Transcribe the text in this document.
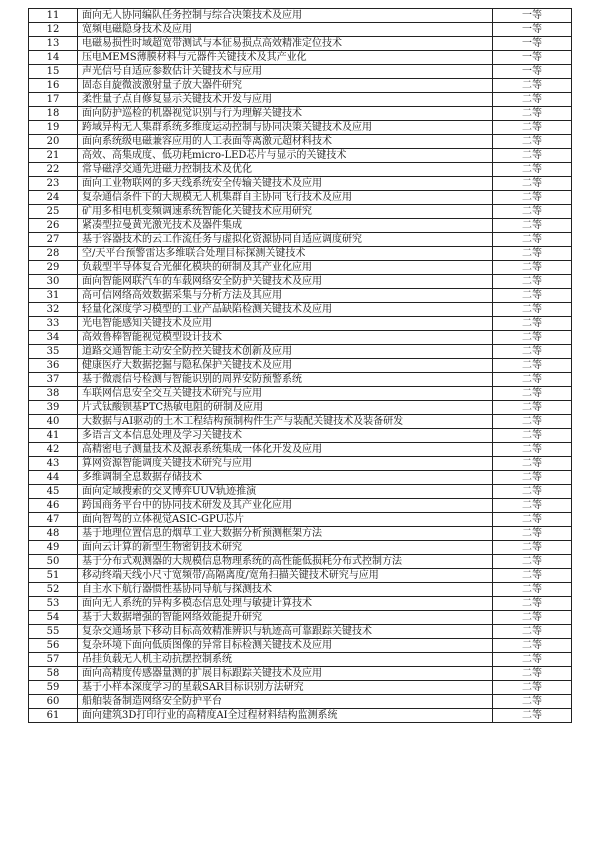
11	面向无人协同编队任务控制与综合决策技术及应用	一等
12	宽频电磁隐身技术及应用	一等
13	电磁易损性时域超宽带测试与本征易损点高效精准定位技术	一等
14	压电MEMS薄膜材料与元器件关键技术及其产业化	一等
15	声光信号自适应参数估计关键技术与应用	一等
16	固态自旋微波激射量子放大器件研究	二等
17	柔性量子点自修复显示关键技术开发与应用	二等
18	面向防护巡检的机器视觉识别与行为理解关键技术	二等
19	跨域异构无人集群系统多维度运动控制与协同决策关键技术及应用	二等
20	面向系统级电磁兼容应用的人工表面等离激元超材料技术	二等
21	高效、高集成度、低功耗micro-LED芯片与显示的关键技术	二等
22	常导磁浮交通先进磁力控制技术及优化	二等
23	面向工业物联网的多天线系统安全传输关键技术及应用	二等
24	复杂通信条件下的大规模无人机集群自主协同飞行技术及应用	二等
25	矿用多相电机变频调速系统智能化关键技术应用研究	二等
26	紧凑型拉曼黄光激光技术及器件集成	二等
27	基于容器技术的云工作流任务与虚拟化资源协同自适应调度研究	二等
28	空/天平台预警雷达多维联合处理目标探测关键技术	二等
29	负载型半导体复合光催化模块的研制及其产业化应用	二等
30	面向智能网联汽车的车载网络安全防护关键技术及应用	二等
31	高可信网络高效数据采集与分析方法及其应用	二等
32	轻量化深度学习模型的工业产品缺陷检测关键技术及应用	二等
33	光电智能感知关键技术及应用	二等
34	高效鲁棒智能视觉模型设计技术	二等
35	道路交通智能主动安全防控关键技术创新及应用	二等
36	健康医疗大数据挖掘与隐私保护关键技术及应用	二等
37	基于微震信号检测与智能识别的周界安防预警系统	二等
38	车联网信息安全交互关键技术研究与应用	二等
39	片式钛酸钡基PTC热敏电阻的研制及应用	二等
40	大数据与AI驱动的土木工程结构预制构件生产与装配关键技术及装备研发	二等
41	多语言文本信息处理及学习关键技术	二等
42	高精密电子测量技术及源表系统集成一体化开发及应用	二等
43	算网资源智能调度关键技术研究与应用	二等
44	多维调制全息数据存储技术	二等
45	面向定域搜索的交叉博弈UUV轨迹推演	二等
46	跨国商务平台中的协同技术研发及其产业化应用	二等
47	面向智驾的立体视觉ASIC-GPU芯片	二等
48	基于地理位置信息的烟草工业大数据分析预测框架方法	二等
49	面向云计算的新型生物密钥技术研究	二等
50	基于分布式观测器的大规模信息物理系统的高性能低损耗分布式控制方法	二等
51	移动终端天线小尺寸宽频带/高隔离度/宽角扫描关键技术研究与应用	二等
52	自主水下航行器惯性基协同导航与探测技术	二等
53	面向无人系统的异构多模态信息处理与敏捷计算技术	二等
54	基于大数据增强的智能网络效能提升研究	二等
55	复杂交通场景下移动目标高效精准辨识与轨迹高可靠跟踪关键技术	二等
56	复杂环境下面向低质图像的异常目标检测关键技术及应用	二等
57	吊挂负载无人机主动抗摆控制系统	二等
58	面向高精度传感器量测的扩展目标跟踪关键技术及应用	二等
59	基于小样本深度学习的星载SAR目标识别方法研究	二等
60	船舶装备制造网络安全防护平台	二等
61	面向建筑3D打印行业的高精度AI全过程材料结构监测系统	二等
